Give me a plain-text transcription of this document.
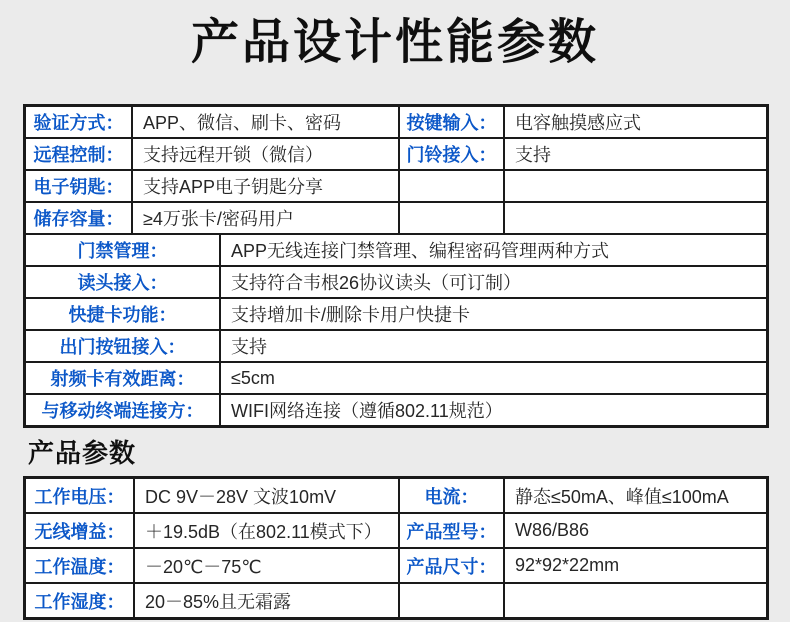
产品设计性能参数
验证方式：	APP、微信、刷卡、密码	按键输入：	电容触摸感应式
远程控制：	支持远程开锁（微信）	门铃接入：	支持
电子钥匙：	支持APP电子钥匙分享
储存容量：	≥4万张卡/密码用户
门禁管理：	APP无线连接门禁管理、编程密码管理两种方式
读头接入：	支持符合韦根26协议读头（可订制）
快捷卡功能：	支持增加卡/删除卡用户快捷卡
出门按钮接入：	支持
射频卡有效距离：	≤5cm
与移动终端连接方：	WIFI网络连接（遵循802.11规范）
产品参数
工作电压：	DC 9V－28V 文波10mV	电流：	静态≤50mA、峰值≤100mA
无线增益：	＋19.5dB（在802.11模式下）	产品型号：	W86/B86
工作温度：	－20℃－75℃	产品尺寸：	92*92*22mm
工作湿度：	20－85%且无霜露
